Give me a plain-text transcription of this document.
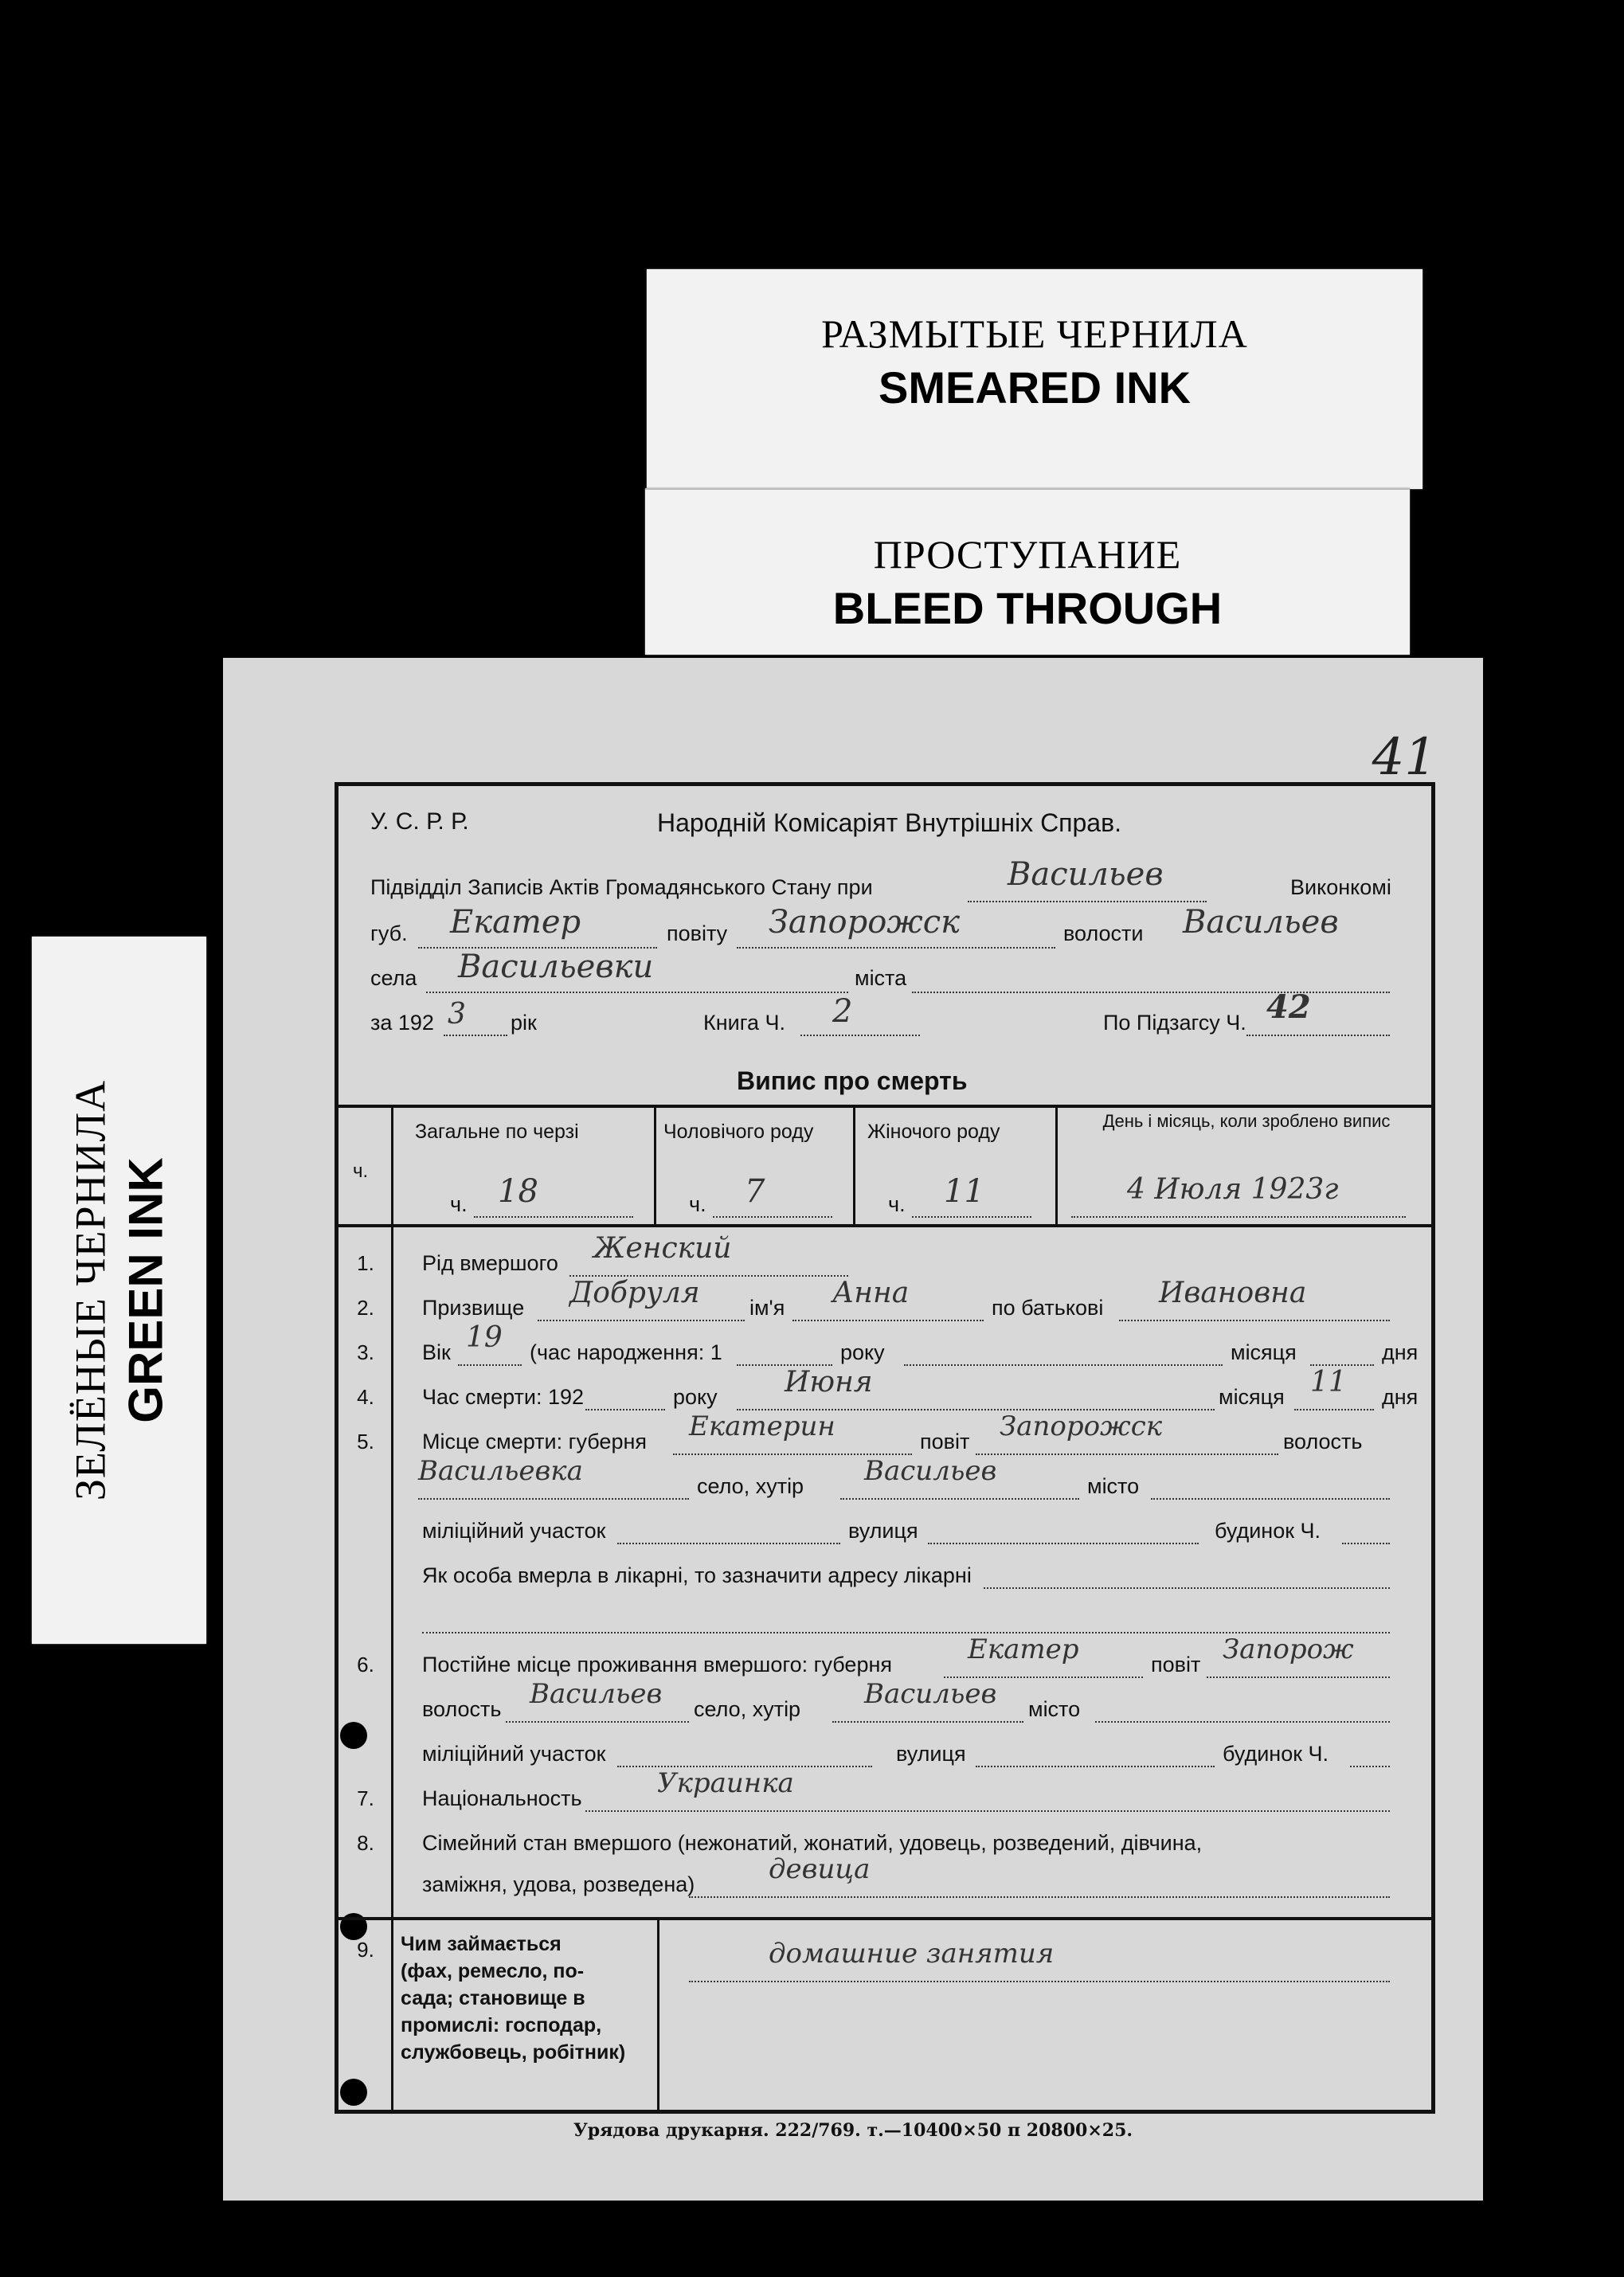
РАЗМЫТЫЕ ЧЕРНИЛА
SMEARED INK
ПРОСТУПАНИЕ
BLEED THROUGH
ЗЕЛЁНЫЕ ЧЕРНИЛА GREEN INK
41
У. С. Р. Р.	Народній Комісаріят Внутрішніх Справ.
Підвідділ Записів Актів Громадянського Стану при	Васильев	Виконкомі
губ. Екатер	повіту Запорожск	волости Васильев
села Васильевки	міста
за 192 3 рік	Книга Ч. 2	По Підзагсу Ч. 42
Випис про смерть
ч.
Загальне по черзі	Чоловічого роду	Жіночого роду	День і місяць, коли зроблено випис
ч. 18	ч. 7	ч. 11	4 Июля 1923г
1.	Рід вмершого Женский
2.	Призвище Добруля ім'я Анна	по батькові Ивановна
3.	Вік 19 (час народження: 1	року	місяця	дня
4.	Час смерти: 192	року Июня	місяця 11 дня
5.	Місце смерти: губерня Екатерин	повіт Запорожск	волость
Васильевка	село, хутір Васильев	місто
міліційний участок	вулиця	будинок Ч.
Як особа вмерла в лікарні, то зазначити адресу лікарні
6.	Постійне місце проживання вмершого: губерня	Екатер	повіт Запорож
волость Васильев село, хутір Васильев місто
міліційний участок	вулиця	будинок Ч.
7.	Національность	Украинка
8.	Сімейний стан вмершого (нежонатий, жонатий, удовець, розведений, дівчина,
заміжня, удова, розведена)	девица
9.	Чим займається
(фах, ремесло, по-
сада; становище в
промислі: господар,
службовець, робітник)
домашние занятия
Урядова друкарня. 222/769. т.—10400×50 п 20800×25.
